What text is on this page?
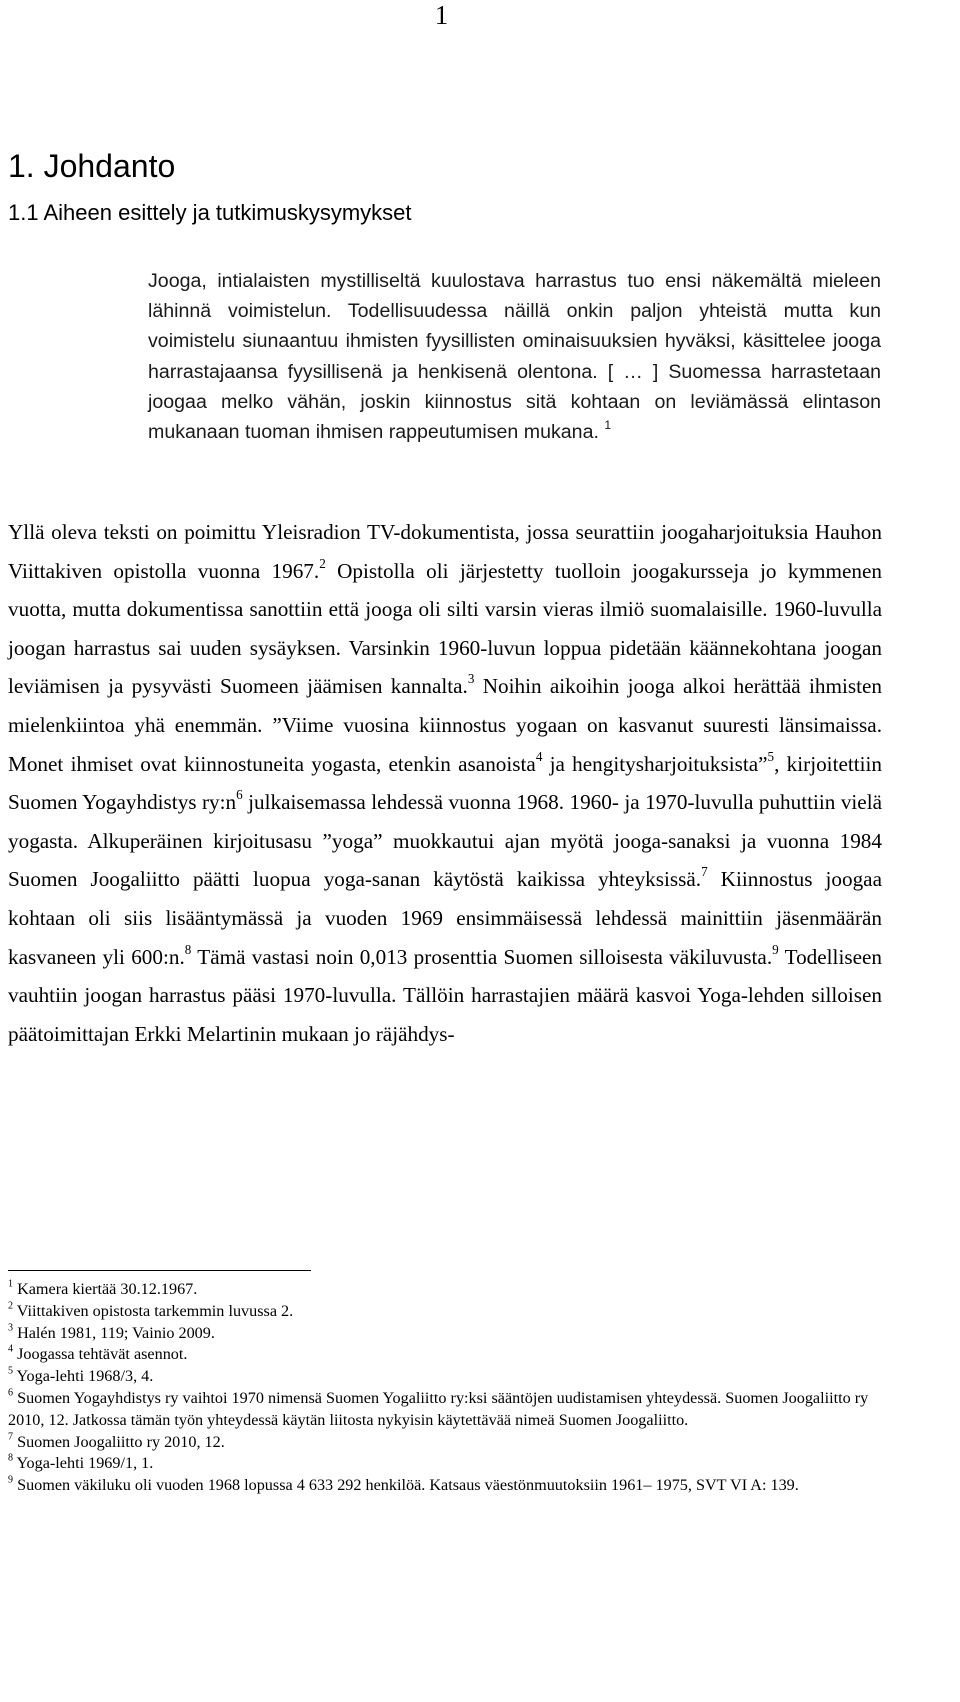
1
1. Johdanto
1.1 Aiheen esittely ja tutkimuskysymykset

Jooga, intialaisten mystilliseltä kuulostava harrastus tuo ensi näkemältä mieleen lähinnä voimistelun. Todellisuudessa näillä onkin paljon yhteistä mutta kun voimistelu siunaantuu ihmisten fyysillisten ominaisuuksien hyväksi, käsittelee jooga harrastajaansa fyysillisenä ja henkisenä olentona. [ … ] Suomessa harrastetaan joogaa melko vähän, joskin kiinnostus sitä kohtaan on leviämässä elintason mukanaan tuoman ihmisen rappeutumisen mukana. $^1$

Yllä oleva teksti on poimittu Yleisradion TV-dokumentista, jossa seurattiin joogaharjoituksia Hauhon Viittakiven opistolla vuonna 1967.$^2$ Opistolla oli järjestetty tuolloin joogakursseja jo kymmenen vuotta, mutta dokumentissa sanottiin että jooga oli silti varsin vieras ilmiö suomalaisille. 1960-luvulla joogan harrastus sai uuden sysäyksen. Varsinkin 1960-luvun loppua pidetään käännekohtana joogan leviämisen ja pysyvästi Suomeen jäämisen kannalta.$^3$ Noihin aikoihin jooga alkoi herättää ihmisten mielenkiintoa yhä enemmän. ”Viime vuosina kiinnostus yogaan on kasvanut suuresti länsimaissa. Monet ihmiset ovat kiinnostuneita yogasta, etenkin asanoista$^4$ ja hengitysharjoituksista”$^5$, kirjoitettiin Suomen Yogayhdistys $ry:n^6$ julkaisemassa lehdessä vuonna 1968. 1960- ja 1970-luvulla puhuttiin vielä yogasta. Alkuperäinen kirjoitusasu ”yoga” muokkautui ajan myötä jooga-sanaksi ja vuonna 1984 Suomen Joogaliitto päätti luopua yoga-sanan käytöstä kaikissa yhteyksissä.$^7$ Kiinnostus joogaa kohtaan oli siis lisääntymässä ja vuoden 1969 ensimmäisessä lehdessä mainittiin jäsenmäärän kasvaneen yli 600:n.$^8$ Tämä vastasi noin 0,013 prosenttia Suomen silloisesta väkiluvusta.$^9$ Todelliseen vauhtiin joogan harrastus pääsi 1970-luvulla. Tällöin harrastajien määrä kasvoi Yoga-lehden silloisen päätoimittajan Erkki Melartinin mukaan jo räjähdys-

$^1$ Kamera kiertää 30.12.1967.
$^2$ Viittakiven opistosta tarkemmin luvussa 2.
$^3$ Halén 1981, 119; Vainio 2009.
$^4$ Joogassa tehtävät asennot.
$^5$ Yoga-lehti 1968/3, 4.
$^6$ Suomen Yogayhdistys ry vaihtoi 1970 nimensä Suomen Yogaliitto ry:ksi sääntöjen uudistamisen yhteydessä. Suomen Joogaliitto ry 2010, 12. Jatkossa tämän työn yhteydessä käytän liitosta nykyisin käytettävää nimeä Suomen Joogaliitto.
$^7$ Suomen Joogaliitto ry 2010, 12.
$^8$ Yoga-lehti 1969/1, 1.
$^9$ Suomen väkiluku oli vuoden 1968 lopussa 4 633 292 henkilöä. Katsaus väestönmuutoksiin 1961– 1975, SVT VI A: 139.
